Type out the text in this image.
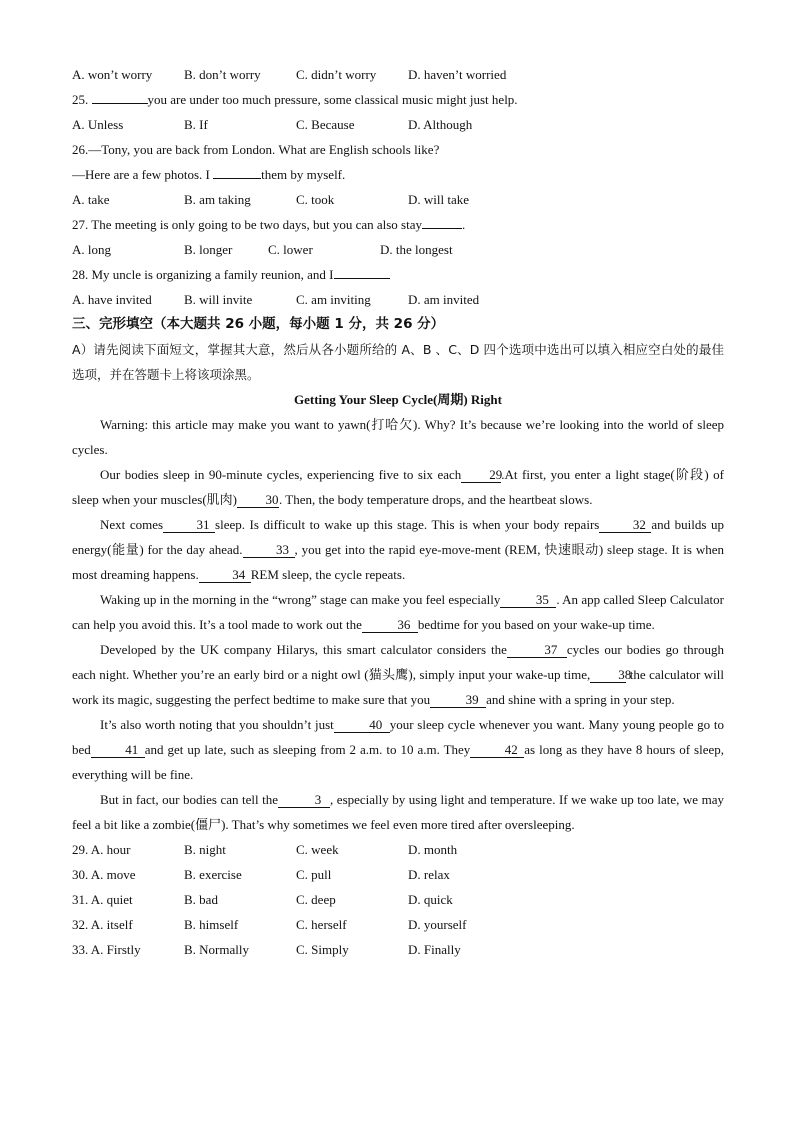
A. won’t worry	B. don’t worry	C. didn’t worry	D. haven’t worried
25.	you are under too much pressure, some classical music might just help.
A. Unless	B. If	C. Because	D. Although
26.—Tony, you are back from London. What are English schools like?
—Here are a few photos. I	them by myself.
A. take	B. am taking	C. took	D. will take
27. The meeting is only going to be two days, but you can also stay	.
A. long	B. longer	C. lower	D. the longest
28. My uncle is organizing a family reunion, and I
A. have invited	B. will invite	C. am inviting	D. am invited
三、完形填空（本大题共 26 小题，每小题 1 分，共 26 分）
A）请先阅读下面短文，掌握其大意，然后从各小题所给的 A、B 、C、D 四个选项中选出可以填入相应空白处的最佳选项，并在答题卡上将该项涂黑。
Getting Your Sleep Cycle(周期) Right
Warning: this article may make you want to yawn(打哈欠). Why? It’s because we’re looking into the world of sleep cycles.
Our bodies sleep in 90-minute cycles, experiencing five to six each 29.At first, you enter a light stage(阶段) of sleep when your muscles(肌肉) 30. Then, the body temperature drops, and the heartbeat slows.
Next comes	31 sleep. Is difficult to wake up this stage. This is when your body repairs	32 and builds up energy(能量) for the day ahead.	33 , you get into the rapid eye-move-ment (REM, 快速眼动) sleep stage. It is when most dreaming happens.	34 REM sleep, the cycle repeats.
Waking up in the morning in the “wrong” stage can make you feel especially	35 . An app called Sleep Calculator can help you avoid this. It’s a tool made to work out the	36 bedtime for you based on your wake-up time.
Developed by the UK company Hilarys, this smart calculator considers the	37 cycles our bodies go through each night. Whether you’re an early bird or a night owl (猫头鹰), simply input your wake-up time, 38 the calculator will work its magic, suggesting the perfect bedtime to make sure that you	39 and shine with a spring in your step.
It’s also worth noting that you shouldn’t just	40 your sleep cycle whenever you want. Many young people go to bed	41 and get up late, such as sleeping from 2 a.m. to 10 a.m. They	42 as long as they have 8 hours of sleep, everything will be fine.
But in fact, our bodies can tell the	3 , especially by using light and temperature. If we wake up too late, we may feel a bit like a zombie(僵尸). That’s why sometimes we feel even more tired after oversleeping.
29. A. hour	B. night	C. week	D. month
30. A. move	B. exercise	C. pull	D. relax
31. A. quiet	B. bad	C. deep	D. quick
32. A. itself	B. himself	C. herself	D. yourself
33. A. Firstly	B. Normally	C. Simply	D. Finally
